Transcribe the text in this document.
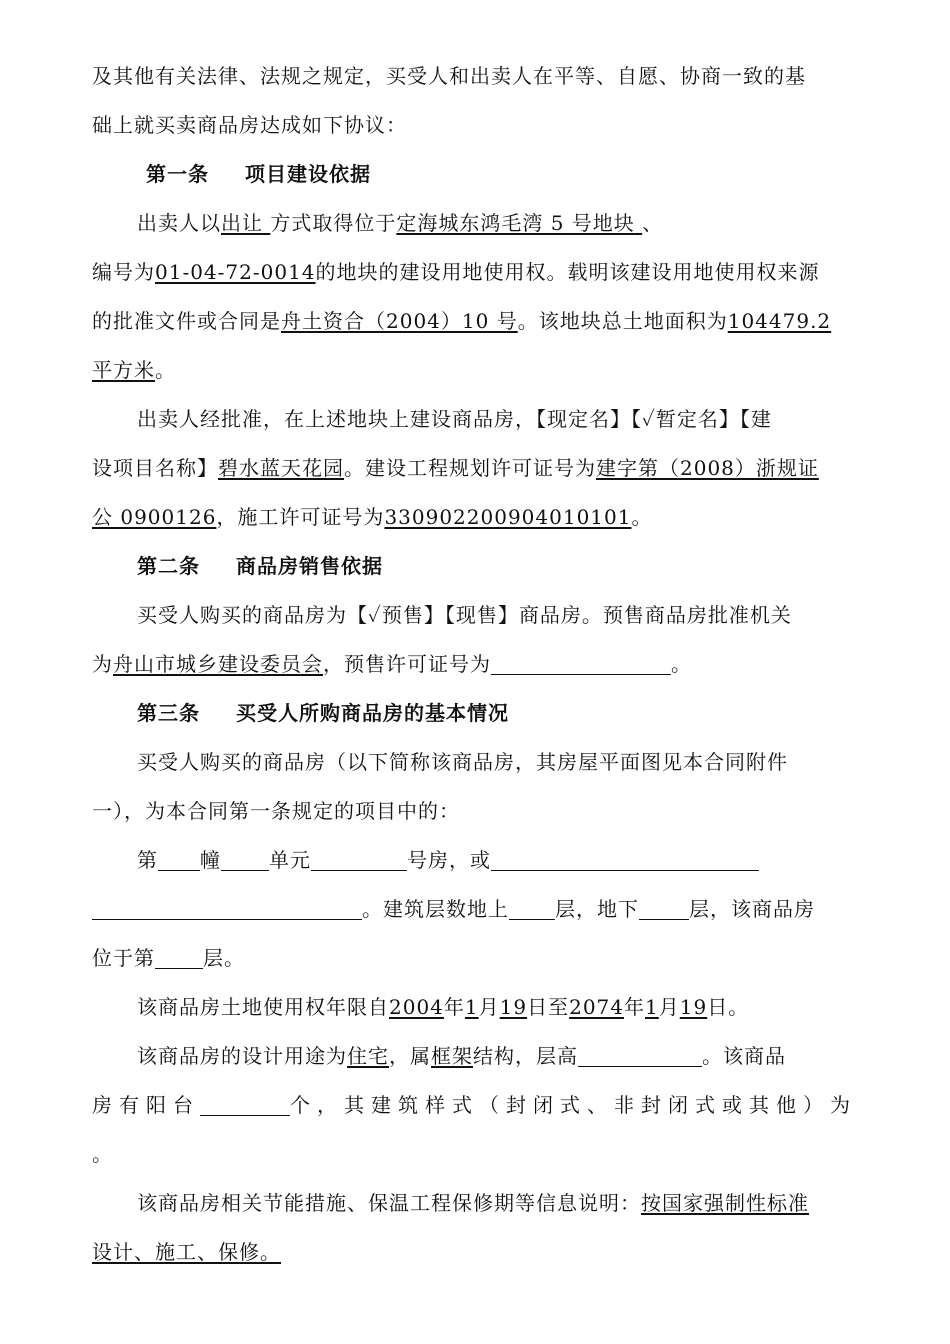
及其他有关法律、法规之规定，买受人和出卖人在平等、自愿、协商一致的基

础上就买卖商品房达成如下协议：

第一条 项目建设依据

出卖人以出让 方式取得位于定海城东鸿毛湾 5 号地块 、

编号为01-04-72-0014的地块的建设用地使用权。载明该建设用地使用权来源

的批准文件或合同是舟土资合（2004）10 号。该地块总土地面积为104479.2

平方米。

出卖人经批准，在上述地块上建设商品房，【现定名】【✓暂定名】【建

设项目名称】碧水蓝天花园。建设工程规划许可证号为建字第（2008）浙规证

公 0900126，施工许可证号为330902200904010101。

第二条 商品房销售依据

买受人购买的商品房为【✓预售】【现售】商品房。预售商品房批准机关

为舟山市城乡建设委员会，预售许可证号为	。

第三条 买受人所购商品房的基本情况

买受人购买的商品房（以下简称该商品房，其房屋平面图见本合同附件

一），为本合同第一条规定的项目中的：

第 幢 单元	号房，或

。建筑层数地上 层，地下	层，该商品房

位于第 层。

该商品房土地使用权年限自2004年1月19日至2074年1月19日。

该商品房的设计用途为住宅，属框架结构，层高	。该商品

房有阳台	个，其建筑样式（封闭式、非封闭式或其他）为

。

该商品房相关节能措施、保温工程保修期等信息说明：按国家强制性标准

设计、施工、保修。
